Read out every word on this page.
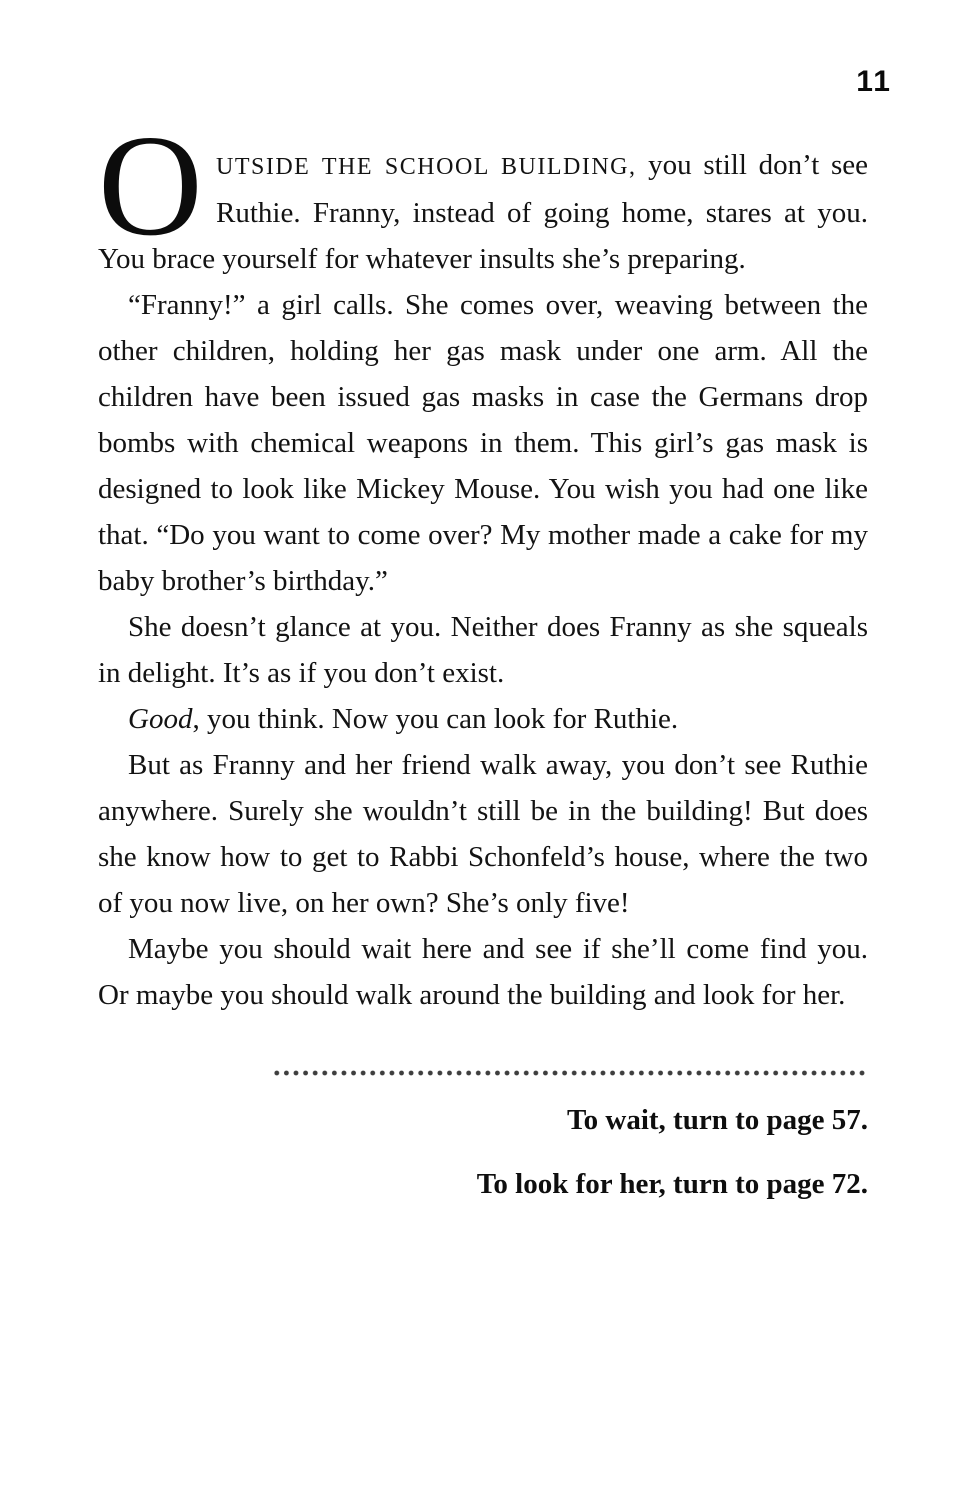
11

OUTSIDE THE SCHOOL BUILDING, you still don’t see Ruthie. Franny, instead of going home, stares at you. You brace yourself for whatever insults she’s preparing.

“Franny!” a girl calls. She comes over, weaving between the other children, holding her gas mask under one arm. All the children have been issued gas masks in case the Germans drop bombs with chemical weapons in them. This girl’s gas mask is designed to look like Mickey Mouse. You wish you had one like that. “Do you want to come over? My mother made a cake for my baby brother’s birthday.”

She doesn’t glance at you. Neither does Franny as she squeals in delight. It’s as if you don’t exist.

Good, you think. Now you can look for Ruthie.

But as Franny and her friend walk away, you don’t see Ruthie anywhere. Surely she wouldn’t still be in the building! But does she know how to get to Rabbi Schonfeld’s house, where the two of you now live, on her own? She’s only five!

Maybe you should wait here and see if she’ll come find you. Or maybe you should walk around the building and look for her.

To wait, turn to page 57.

To look for her, turn to page 72.
